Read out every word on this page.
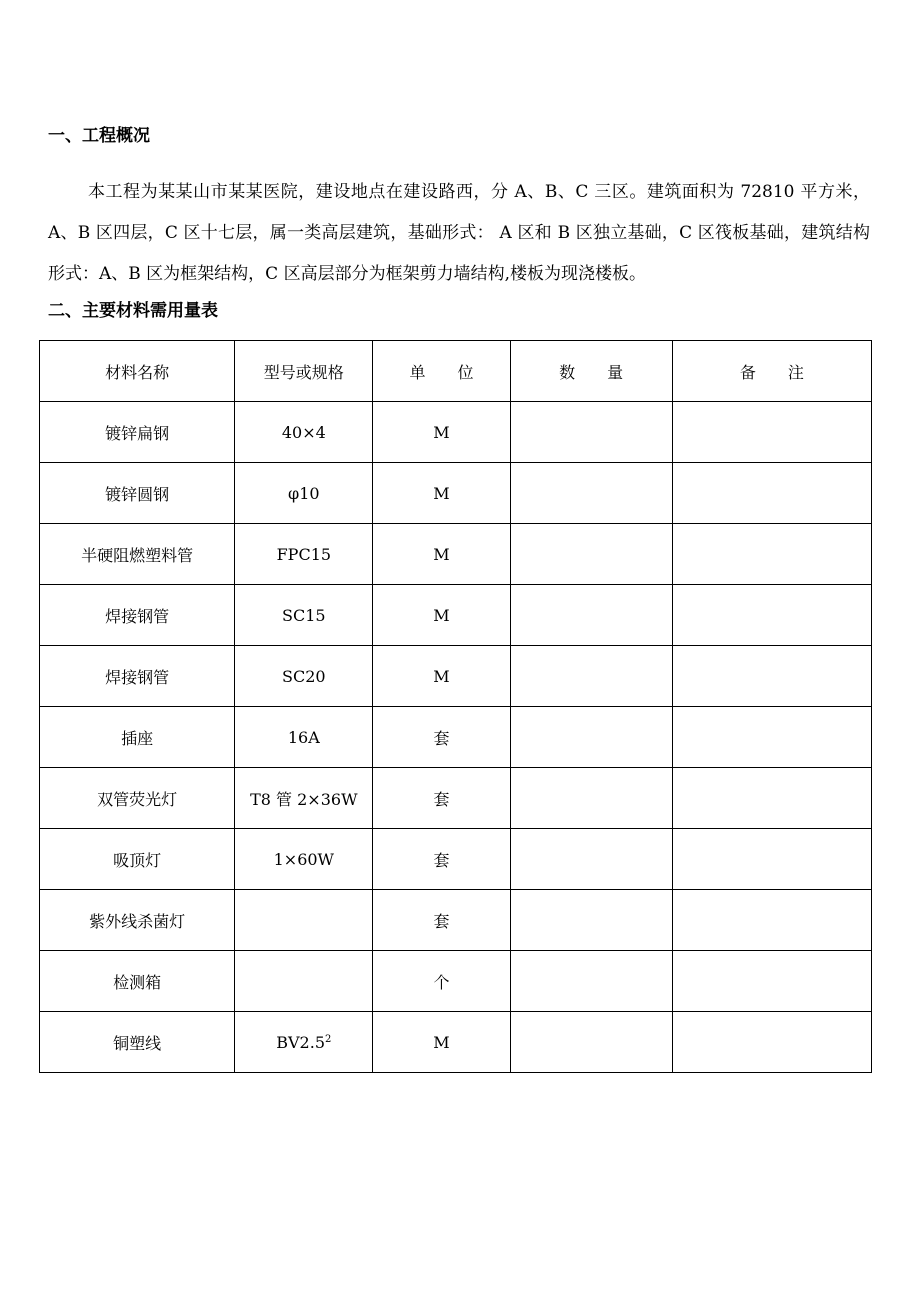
一、工程概况

本工程为某某山市某某医院，建设地点在建设路西，分 A、B、C 三区。建筑面积为 72810 平方米，A、B 区四层，C 区十七层，属一类高层建筑，基础形式： A 区和 B 区独立基础，C 区筏板基础，建筑结构形式：A、B 区为框架结构，C 区高层部分为框架剪力墙结构,楼板为现浇楼板。

二、主要材料需用量表
材料名称	型号或规格	单　　位	数　　量	备　　注
镀锌扁钢	40×4	M		
镀锌圆钢	φ10	M		
半硬阻燃塑料管	FPC15	M		
焊接钢管	SC15	M		
焊接钢管	SC20	M		
插座	16A	套		
双管荧光灯	T8 管 2×36W	套		
吸顶灯	1×60W	套		
紫外线杀菌灯		套		
检测箱		个		
铜塑线	$BV2.5^2$	M		
